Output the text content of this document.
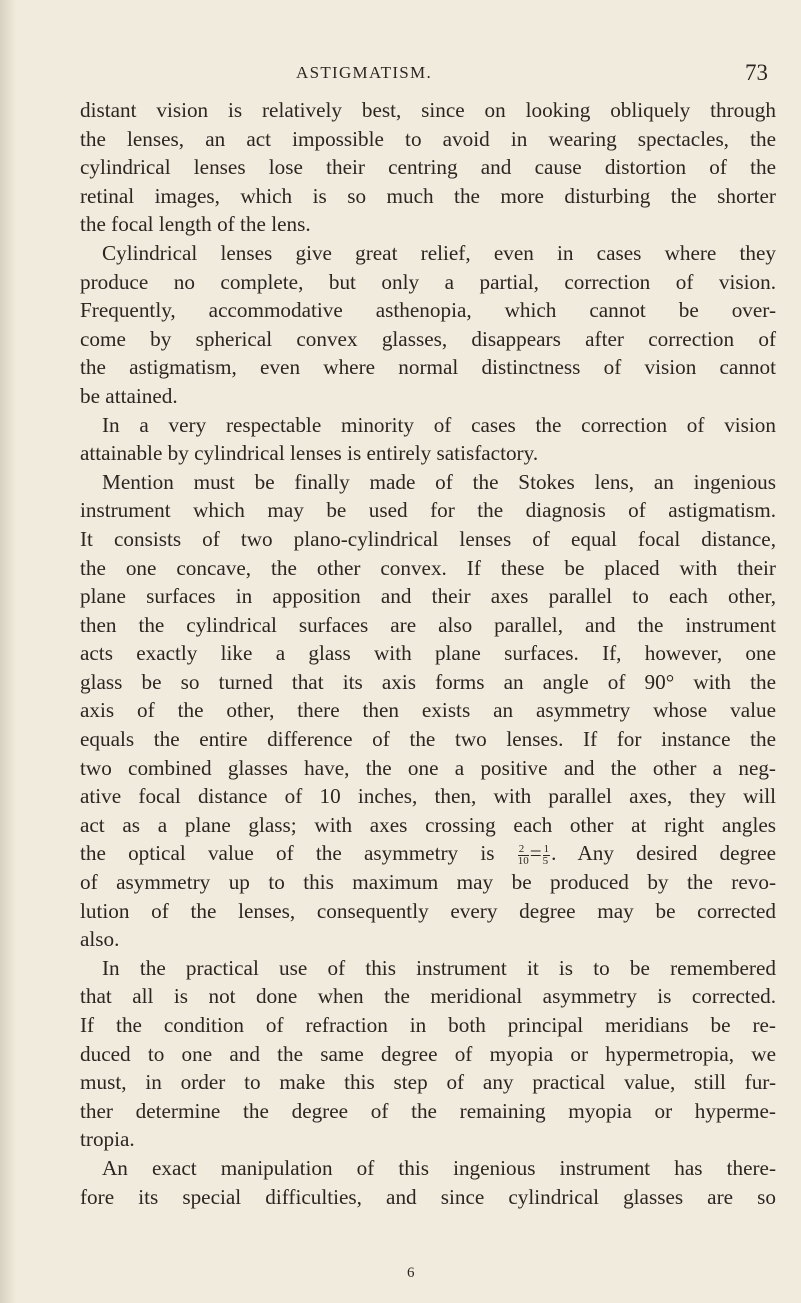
ASTIGMATISM.	73
distant vision is relatively best, since on looking obliquely through
the lenses, an act impossible to avoid in wearing spectacles, the
cylindrical lenses lose their centring and cause distortion of the
retinal images, which is so much the more disturbing the shorter
the focal length of the lens.
Cylindrical lenses give great relief, even in cases where they
produce no complete, but only a partial, correction of vision.
Frequently, accommodative asthenopia, which cannot be over-
come by spherical convex glasses, disappears after correction of
the astigmatism, even where normal distinctness of vision cannot
be attained.
In a very respectable minority of cases the correction of vision
attainable by cylindrical lenses is entirely satisfactory.
Mention must be finally made of the Stokes lens, an ingenious
instrument which may be used for the diagnosis of astigmatism.
It consists of two plano-cylindrical lenses of equal focal distance,
the one concave, the other convex. If these be placed with their
plane surfaces in apposition and their axes parallel to each other,
then the cylindrical surfaces are also parallel, and the instrument
acts exactly like a glass with plane surfaces. If, however, one
glass be so turned that its axis forms an angle of 90° with the
axis of the other, there then exists an asymmetry whose value
equals the entire difference of the two lenses. If for instance the
two combined glasses have, the one a positive and the other a neg-
ative focal distance of 10 inches, then, with parallel axes, they will
act as a plane glass; with axes crossing each other at right angles
the optical value of the asymmetry is $\frac{2}{10} = \frac{1}{5}$ . Any desired degree
of asymmetry up to this maximum may be produced by the revo-
lution of the lenses, consequently every degree may be corrected
also.
In the practical use of this instrument it is to be remembered
that all is not done when the meridional asymmetry is corrected.
If the condition of refraction in both principal meridians be re-
duced to one and the same degree of myopia or hypermetropia, we
must, in order to make this step of any practical value, still fur-
ther determine the degree of the remaining myopia or hyperme-
tropia.
An exact manipulation of this ingenious instrument has there-
fore its special difficulties, and since cylindrical glasses are so
6
